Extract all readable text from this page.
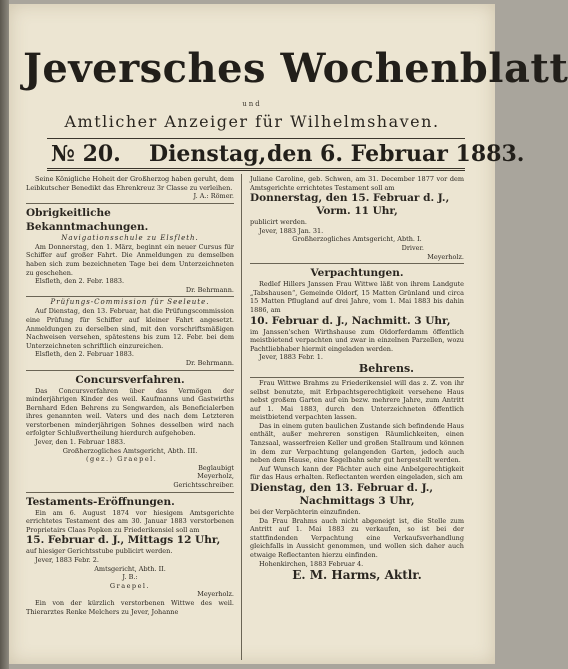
Jeversches Wochenblatt
und
Amtlicher Anzeiger für Wilhelmshaven.
№ 20. Dienstag, den 6. Februar 1883.

Seine Königliche Hoheit der Großherzog haben geruht, dem Leibkutscher Benedikt das Ehrenkreuz 3r Classe zu verleihen.

J. A.: Römer.

Obrigkeitliche Bekanntmachungen.

Navigationsschule zu Elsfleth.

Am Donnerstag, den 1. März, beginnt ein neuer Cursus für Schiffer auf großer Fahrt. Die Anmeldungen zu demselben haben sich zum bezeichneten Tage bei dem Unterzeichneten zu geschehen.

Elsfleth, den 2. Febr. 1883.

Dr. Behrmann.

Prüfungs-Commission für Seeleute.

Auf Dienstag, den 13. Februar, hat die Prüfungscommission eine Prüfung für Schiffer auf kleiner Fahrt angesetzt. Anmeldungen zu derselben sind, mit den vorschriftsmäßigen Nachweisen versehen, spätestens bis zum 12. Febr. bei dem Unterzeichneten schriftlich einzureichen.

Elsfleth, den 2. Februar 1883.

Dr. Behrmann.

Concursverfahren.

Das Concursverfahren über das Vermögen der minderjährigen Kinder des weil. Kaufmanns und Gastwirths Bernhard Eden Behrens zu Sengwarden, als Beneficialerben ihres genannten weil. Vaters und des nach dem Letzteren verstorbenen minderjährigen Sohnes desselben wird nach erfolgter Schlußvertheilung hierdurch aufgehoben.

Jever, den 1. Februar 1883.

Großherzogliches Amtsgericht, Abth. III.

(gez.) Graepel.

Beglaubigt

Meyerholz,

Gerichtsschreiber.

Testaments-Eröffnungen.

Ein am 6. August 1874 vor hiesigem Amtsgerichte errichtetes Testament des am 30. Januar 1883 verstorbenen Proprietairs Claas Popken zu Friederikensiel soll am

15. Februar d. J., Mittags 12 Uhr,

auf hiesiger Gerichtsstube publicirt werden.

Jever, 1883 Febr. 2.

Amtsgericht, Abth. II.

J. B.:

Graepel.

Meyerholz.

Ein von der kürzlich verstorbenen Wittwe des weil. Thierarztes Renke Melchers zu Jever, Johanne

Juliane Caroline, geb. Schwen, am 31. December 1877 vor dem Amtsgerichte errichtetes Testament soll am

Donnerstag, den 15. Februar d. J.,

Vorm. 11 Uhr,

publicirt werden.

Jever, 1883 Jan. 31.

Großherzogliches Amtsgericht, Abth. I.

Driver.

Meyerholz.

Verpachtungen.

Redlef Hillers Janssen Frau Wittwe läßt von ihrem Landgute „Tabshausen“, Gemeinde Oldorf, 15 Matten Grünland und circa 15 Matten Pflugland auf drei Jahre, vom 1. Mai 1883 bis dahin 1886, am

10. Februar d. J., Nachmitt. 3 Uhr,

im Janssen'schen Wirthshause zum Oldorferdamm öffentlich meistbietend verpachten und zwar in einzelnen Parzellen, wozu Pachtliebhaber hiermit eingeladen werden.

Jever, 1883 Febr. 1.

Behrens.

Frau Wittwe Brahms zu Friederikensiel will das z. Z. von ihr selbst benutzte, mit Erbpachtsgerechtigkeit versehene Haus nebst großem Garten auf ein bezw. mehrere Jahre, zum Antritt auf 1. Mai 1883, durch den Unterzeichneten öffentlich meistbietend verpachten lassen.

Das in einem guten baulichen Zustande sich befindende Haus enthält, außer mehreren sonstigen Räumlichkeiten, einen Tanzsaal, wasserfreien Keller und großen Stallraum und können in dem zur Verpachtung gelangenden Garten, jedoch auch neben dem Hause, eine Kegelbahn sehr gut hergestellt werden.

Auf Wunsch kann der Pächter auch eine Anbelgerechtigkeit für das Haus erhalten. Reflectanten werden eingeladen, sich am

Dienstag, den 13. Februar d. J.,

Nachmittags 3 Uhr,

bei der Verpächterin einzufinden.

Da Frau Brahms auch nicht abgeneigt ist, die Stelle zum Antritt auf 1. Mai 1883 zu verkaufen, so ist bei der stattfindenden Verpachtung eine Verkaufsverhandlung gleichfalls in Aussicht genommen, und wollen sich daher auch etwaige Reflectanten hierzu einfinden.

Hohenkirchen, 1883 Februar 4.

E. M. Harms, Aktlr.
